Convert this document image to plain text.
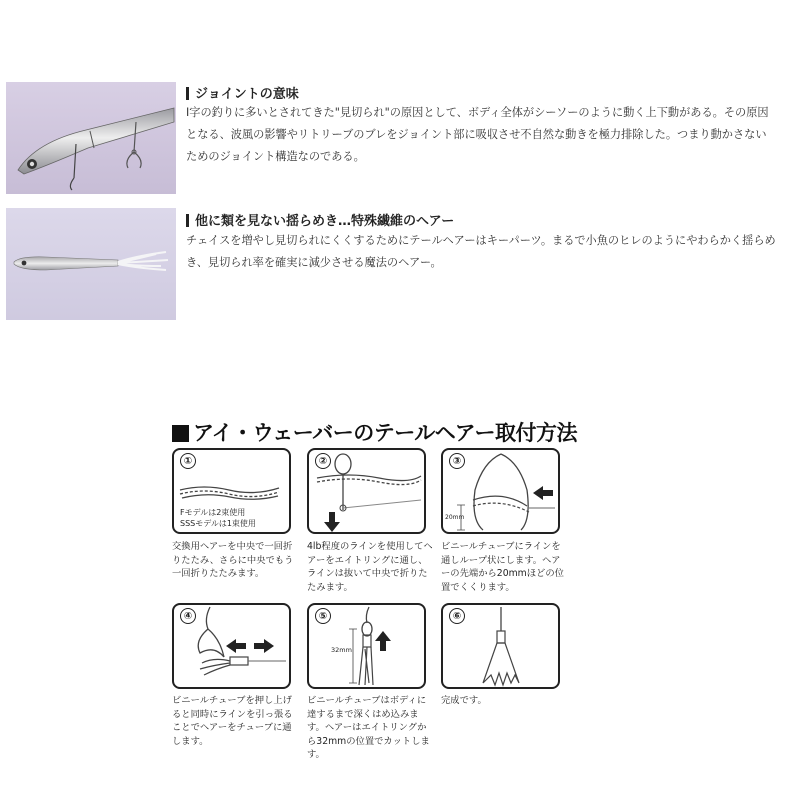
ジョイントの意味
I字の釣りに多いとされてきた"見切られ"の原因として、ボディ全体がシーソーのように動く上下動がある。その原因となる、波風の影響やリトリーブのブレをジョイント部に吸収させ不自然な動きを極力排除した。つまり動かさないためのジョイント構造なのである。
他に類を見ない揺らめき…特殊繊維のヘアー
チェイスを増やし見切られにくくするためにテールヘアーはキーパーツ。まるで小魚のヒレのようにやわらかく揺らめき、見切られ率を確実に減少させる魔法のヘアー。
アイ・ウェーバーのテールヘアー取付方法
①
Fモデルは2束使用
SSSモデルは1束使用
交換用ヘアーを中央で一回折りたたみ、さらに中央でもう一回折りたたみます。
②
4lb程度のラインを使用してヘアーをエイトリングに通し、ラインは抜いて中央で折りたたみます。
③
20mm
ビニールチューブにラインを通しループ状にします。ヘアーの先端から20mmほどの位置でくくります。
④
ビニールチューブを押し上げると同時にラインを引っ張ることでヘアーをチューブに通します。
⑤
32mm
ビニールチューブはボディに達するまで深くはめ込みます。ヘアーはエイトリングから32mmの位置でカットします。
⑥
完成です。
